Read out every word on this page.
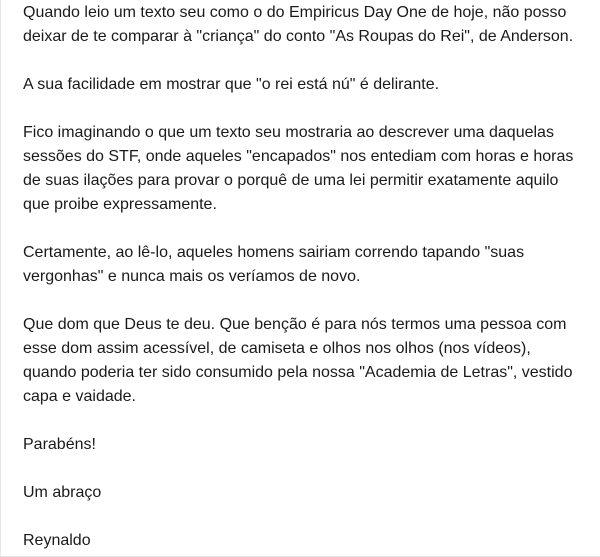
Quando leio um texto seu como o do Empiricus Day One de hoje, não posso
deixar de te comparar à "criança" do conto "As Roupas do Rei", de Anderson.

A sua facilidade em mostrar que "o rei está nú" é delirante.

Fico imaginando o que um texto seu mostraria ao descrever uma daquelas
sessões do STF, onde aqueles "encapados" nos entediam com horas e horas
de suas ilações para provar o porquê de uma lei permitir exatamente aquilo
que proibe expressamente.

Certamente, ao lê-lo, aqueles homens sairiam correndo tapando "suas
vergonhas" e nunca mais os veríamos de novo.

Que dom que Deus te deu. Que benção é para nós termos uma pessoa com
esse dom assim acessível, de camiseta e olhos nos olhos (nos vídeos),
quando poderia ter sido consumido pela nossa "Academia de Letras", vestido
capa e vaidade.

Parabéns!

Um abraço

Reynaldo
